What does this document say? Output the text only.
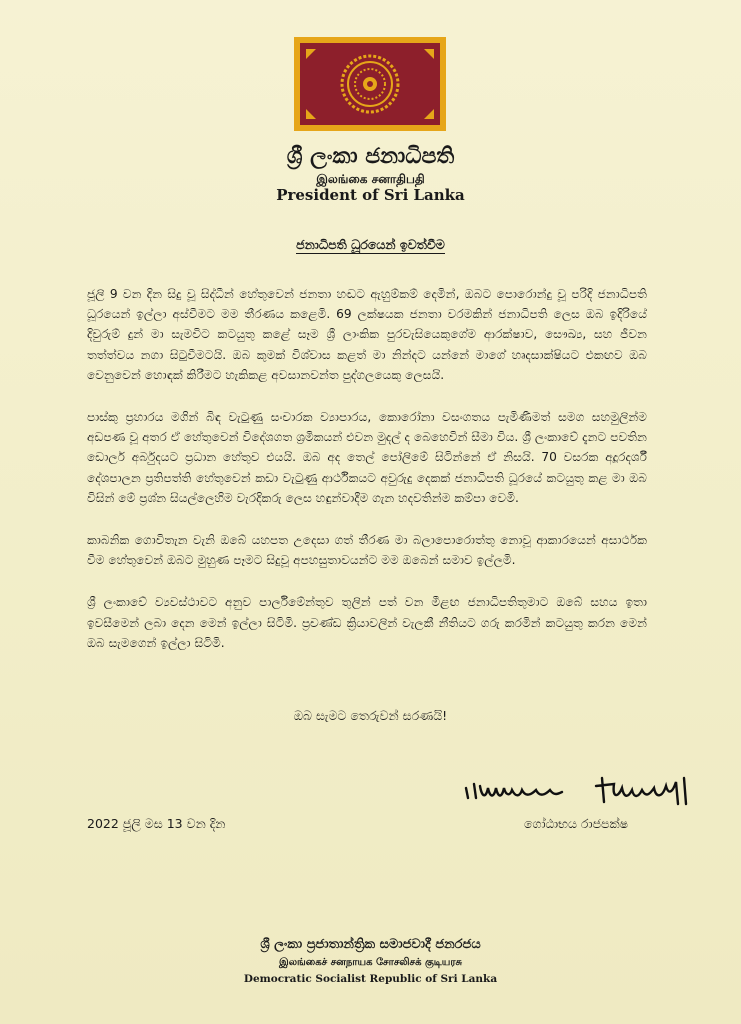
ශ්‍රී ලංකා ජනාධිපති
இலங்கை சனாதிபதி
President of Sri Lanka
ජනාධිපති ධූරයෙන් ඉවත්වීම

ජූලි 9 වන දින සිදු වූ සිද්ධීන් හේතුවෙන් ජනතා හඬට ඇහුම්කම් දෙමින්, ඔබට පොරොන්දු වූ පරිදි ජනාධිපති ධූරයෙන් ඉල්ලා අස්වීමට මම තීරණය කළෙමි. 69 ලක්ෂයක ජනතා වරමකින් ජනාධිපති ලෙස ඔබ ඉදිරියේ දිවුරුම් දුන් මා සැමවිට කටයුතු කළේ සෑම ශ්‍රී ලාංකික පුරවැසියෙකුගේම ආරක්ෂාව, සෞඛ්‍ය, සහ ජීවන තත්ත්වය නගා සිටුවීමටයි. ඔබ කුමක් විශ්වාස කළත් මා නින්දට යන්නේ මාගේ හෘදසාක්ෂියට එකඟව ඔබ වෙනුවෙන් හොඳක් කිරීමට හැකිකළ අවසානවන්ත පුද්ගලයෙකු ලෙසයි.

පාස්කු ප්‍රහාරය මගින් බිඳ වැටුණු සංචාරක ව්‍යාපාරය, කොරෝනා වසංගතය පැමිණීමත් සමග සහමුලින්ම අඩපණ වූ අතර ඒ හේතුවෙන් විදේශගත ශ්‍රමිකයන් එවන මුදල් ද බෙහෙවින් සීමා විය. ශ්‍රී ලංකාවේ දැනට පවතින ඩොලර් අර්බුදයට ප්‍රධාන හේතුව එයයි. ඔබ අද තෙල් පෝලිමේ සිටින්නේ ඒ නිසයි. 70 වසරක අදූරදර්ශී දේශපාලන ප්‍රතිපත්ති හේතුවෙන් කඩා වැටුණු ආර්ථිකයට අවුරුදු දෙකක් ජනාධිපති ධූරයේ කටයුතු කළ මා ඔබ විසින් මේ ප්‍රශ්න සියල්ලෙහිම වැරදිකරු ලෙස හඳුන්වාදීම ගැන හදවතින්ම කම්පා වෙමි.

කාබනික ගොවිතැන වැනි ඔබේ යහපත උදෙසා ගත් තීරණ මා බලාපොරොත්තු නොවූ ආකාරයෙන් අසාර්ථක වීම හේතුවෙන් ඔබට මුහුණ පෑමට සිදුවූ අපහසුතාවයන්ට මම ඔබෙන් සමාව ඉල්ලමි.

ශ්‍රී ලංකාවේ ව්‍යවස්ථාවට අනුව පාර්ලිමේන්තුව තුලින් පත් වන මීළඟ ජනාධිපතිතුමාට ඔබේ සහය ඉතා ඉවසීමෙන් ලබා දෙන මෙන් ඉල්ලා සිටිමි. ප්‍රචණ්ඩ ක්‍රියාවලින් වැලකී නීතියට ගරු කරමින් කටයුතු කරන මෙන් ඔබ සැමගෙන් ඉල්ලා සිටිමි.

ඔබ සැමට තෙරුවන් සරණයි!
2022 ජූලි මස 13 වන දින	ගෝඨාභය රාජපක්ෂ
ශ්‍රී ලංකා ප්‍රජාතාන්ත්‍රික සමාජවාදී ජනරජය
இலங்கைச் சனநாயக சோசலிசக் குடியரசு
Democratic Socialist Republic of Sri Lanka
